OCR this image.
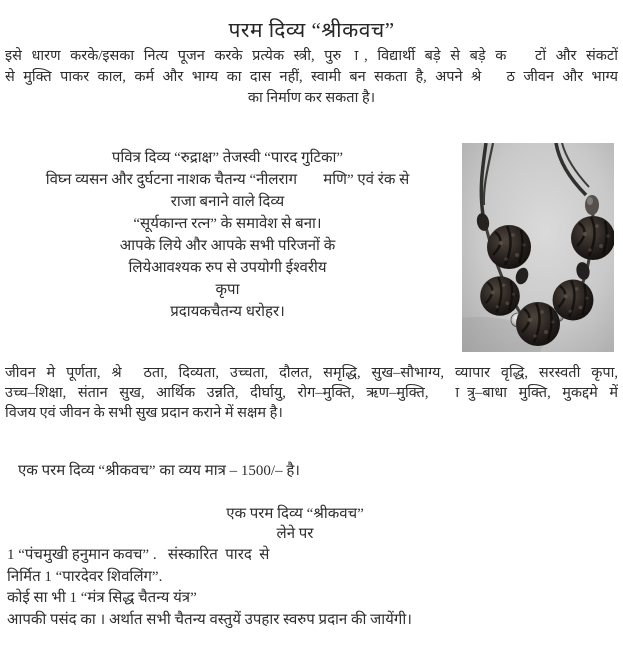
परम दिव्य “श्रीकवच”
इसे धारण करके/इसका नित्य पूजन करके प्रत्येक स्त्री, पुरु  ा, विद्यार्थी बड़े से बड़े क   टों और संकटों
से मुक्ति पाकर काल, कर्म और भाग्य का दास नहीं, स्वामी बन सकता है, अपने श्रे   ठ जीवन और भाग्य
का निर्माण कर सकता है।
पवित्र दिव्य “रुद्राक्ष” तेजस्वी “पारद गुटिका”
विघ्न व्यसन और दुर्घटना नाशक चैतन्य “नीलराग       मणि” एवं रंक से
राजा बनाने वाले दिव्य
“सूर्यकान्त रत्न” के समावेश से बना।
आपके लिये और आपके सभी परिजनों के
लियेआवश्यक रुप से उपयोगी ईश्वरीय
कृपा
प्रदायकचैतन्य धरोहर।
जीवन मे पूर्णता, श्रे  ठता, दिव्यता, उच्चता, दौलत, समृद्धि, सुख–सौभाग्य, व्यापार वृद्धि, सरस्वती कृपा,
उच्च–शिक्षा, संतान सुख, आर्थिक उन्नति, दीर्घायु, रोग–मुक्ति, ऋण–मुक्ति,   ात्रु–बाधा मुक्ति, मुकद्दमे में
विजय एवं जीवन के सभी सुख प्रदान कराने में सक्षम है।
एक परम दिव्य “श्रीकवच” का व्यय मात्र – 1500/– है।
एक परम दिव्य “श्रीकवच”
लेने पर
1 “पंचमुखी हनुमान कवच” .   संस्कारित  पारद  से
निर्मित 1 “पारदेवर शिवलिंग”.
कोई सा भी 1 “मंत्र सिद्ध चैतन्य यंत्र”
आपकी पसंद का । अर्थात सभी चैतन्य वस्तुयें उपहार स्वरुप प्रदान की जायेंगी।
